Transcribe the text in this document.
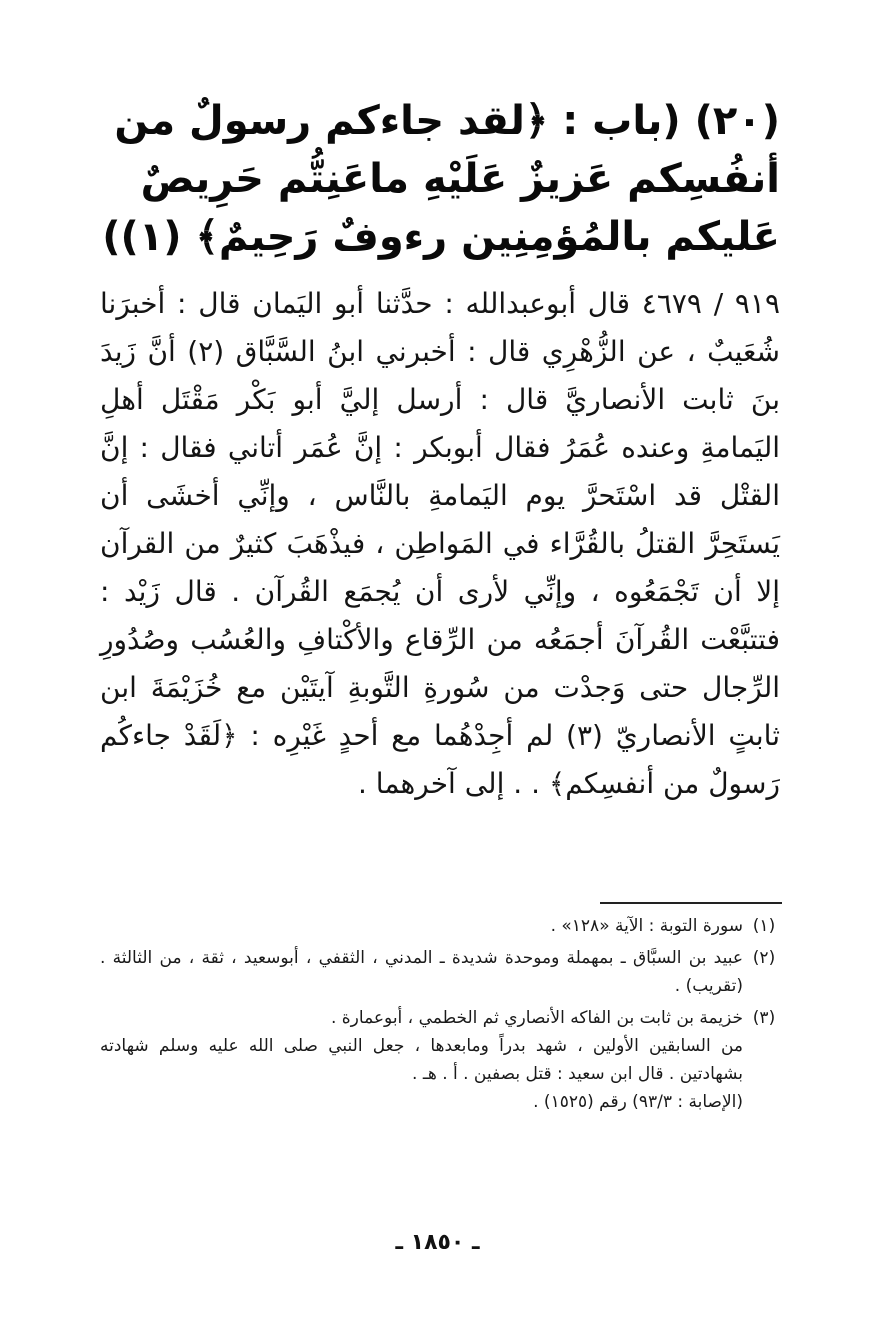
(٢٠) (باب : ﴿لقد جاءكم رسولٌ من أنفُسِكم عَزيزٌ عَلَيْهِ ماعَنِتُّم حَرِيصٌ عَليكم بالمُؤمِنِين رءوفٌ رَحِيمٌ﴾ (١))
٩١٩ / ٤٦٧٩ قال أبوعبدالله : حدَّثنا أبو اليَمان قال : أخبرَنا شُعَيبٌ ، عن الزُّهْرِي قال : أخبرني ابنُ السَّبَّاق (٢) أنَّ زَيدَ بنَ ثابت الأنصاريَّ قال : أرسل إليَّ أبو بَكْر مَقْتَل أهلِ اليَمامةِ وعنده عُمَرُ فقال أبوبكر : إنَّ عُمَر أتاني فقال : إنَّ القتْل قد اسْتَحرَّ يوم اليَمامةِ بالنَّاس ، وإنِّي أخشَى أن يَستَحِرَّ القتلُ بالقُرَّاء في المَواطِن ، فيذْهَبَ كثيرٌ من القرآن إلا أن تَجْمَعُوه ، وإنِّي لأرى أن يُجمَع القُرآن . قال زَيْد : فتتبَّعْت القُرآنَ أجمَعُه من الرِّقاع والأكْتافِ والعُسُب وصُدُورِ الرِّجال حتى وَجدْت من سُورةِ التَّوبةِ آيتَيْن مع خُزَيْمَةَ ابن ثابتٍ الأنصاريّ (٣) لم أجِدْهُما مع أحدٍ غَيْرِه : ﴿لَقَدْ جاءكُم رَسولٌ من أنفسِكم﴾ . . إلى آخرهما .
(١)
سورة التوبة : الآية «١٢٨» .
(٢)
عبيد بن السبَّاق ـ بمهملة وموحدة شديدة ـ المدني ، الثقفي ، أبوسعيد ، ثقة ، من الثالثة . (تقريب) .
(٣)
خزيمة بن ثابت بن الفاكه الأنصاري ثم الخطمي ، أبوعمارة .
من السابقين الأولين ، شهد بدراً ومابعدها ، جعل النبي صلى الله عليه وسلم شهادته بشهادتين . قال ابن سعيد : قتل بصفين . أ . هـ .
(الإصابة : ٩٣/٣) رقم (١٥٢٥) .
ـ ١٨٥٠ ـ
